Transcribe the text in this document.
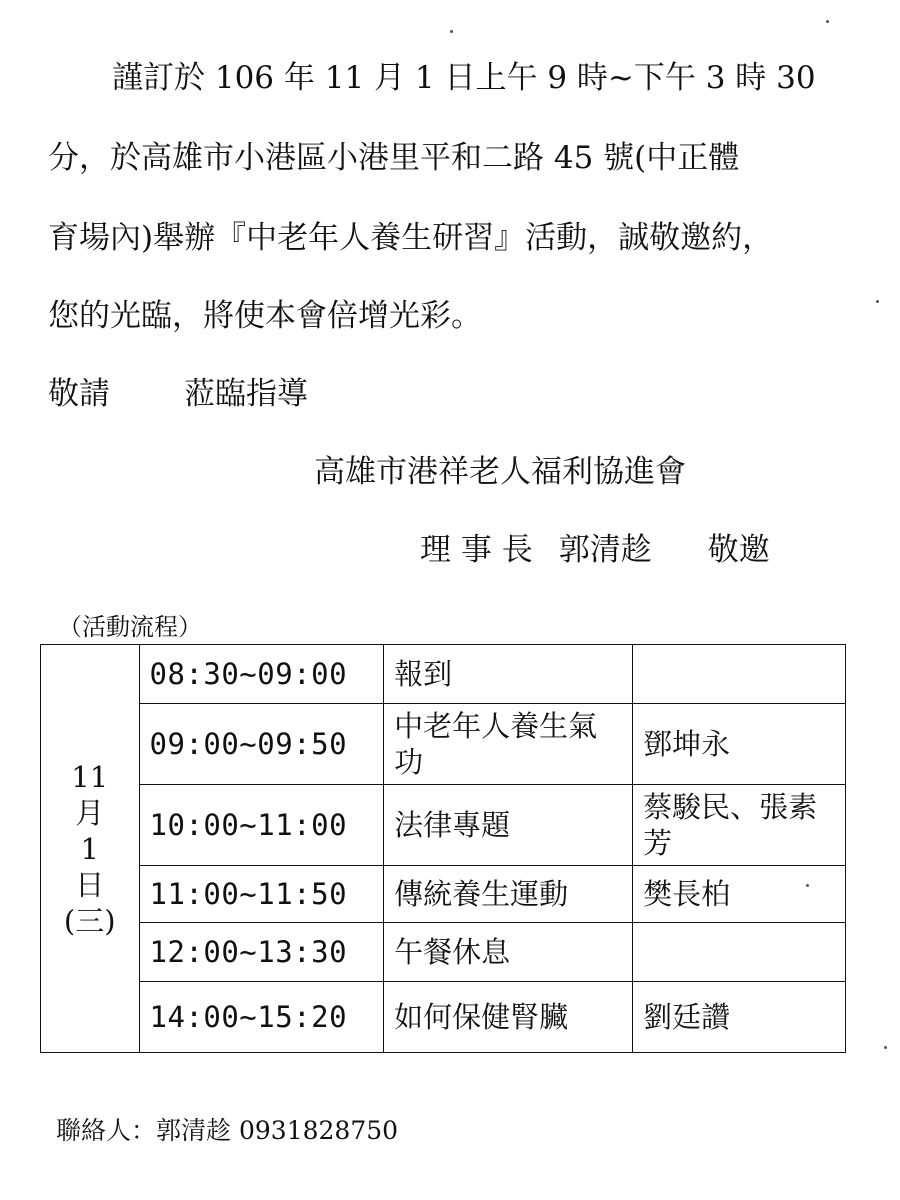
謹訂於 106 年 11 月 1 日上午 9 時~下午 3 時 30

分，於高雄市小港區小港里平和二路 45 號(中正體

育場內)舉辦『中老年人養生研習』活動，誠敬邀約，

您的光臨，將使本會倍增光彩。

敬請 蒞臨指導

高雄市港祥老人福利協進會

理 事 長 郭清趁 敬邀

（活動流程）
11
月
1
日
(三)	08:30~09:00	報到	
	09:00~09:50	中老年人養生氣功	鄧坤永
	10:00~11:00	法律專題	蔡駿民、張素芳
	11:00~11:50	傳統養生運動	樊長柏
	12:00~13:30	午餐休息	
	14:00~15:20	如何保健腎臟	劉廷讚
聯絡人：郭清趁 0931828750
